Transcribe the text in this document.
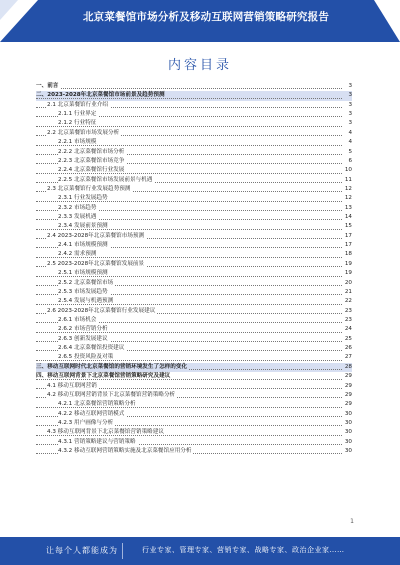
北京菜餐馆市场分析及移动互联网营销策略研究报告
内容目录
一、前言	3
二、2023-2028年北京菜餐馆市场前景及趋势预测	3
2.1 北京菜餐馆行业介绍	3
2.1.1 行业界定	3
2.1.2 行业特征	3
2.2 北京菜餐馆市场发展分析	4
2.2.1 市场规模	4
2.2.2 北京菜餐馆市场分析	5
2.2.3 北京菜餐馆市场竞争	6
2.2.4 北京菜餐馆行业发展	10
2.2.5 北京菜餐馆市场发展前景与机遇	11
2.3 北京菜餐馆行业发展趋势预测	12
2.3.1 行业发展趋势	12
2.3.2 市场趋势	13
2.3.3 发展机遇	14
2.3.4 发展前景预测	15
2.4 2023-2028年北京菜餐馆市场预测	17
2.4.1 市场规模预测	17
2.4.2 需求预测	18
2.5 2023-2028年北京菜餐馆发展前景	19
2.5.1 市场规模预测	19
2.5.2 北京菜餐馆市场	20
2.5.3 市场发展趋势	21
2.5.4 发展与机遇预测	22
2.6 2023-2028年北京菜餐馆行业发展建议	23
2.6.1 市场机会	23
2.6.2 市场营销分析	24
2.6.3 创新发展建议	25
2.6.4 北京菜餐馆投资建议	26
2.6.5 投资风险及对策	27
三、移动互联网时代北京菜餐馆的营销环境发生了怎样的变化	28
四、移动互联网背景下北京菜餐馆营销策略研究及建议	29
4.1 移动互联网营销	29
4.2 移动互联网营销背景下北京菜餐馆营销策略分析	29
4.2.1 北京菜餐馆营销策略分析	29
4.2.2 移动互联网营销模式	30
4.2.3 用户画像与分析	30
4.3 移动互联网背景下北京菜餐馆营销策略建议	30
4.3.1 营销策略建议与营销策略	30
4.3.2 移动互联网营销策略实施及北京菜餐馆应用分析	30
1
让每个人都能成为	行业专家、管理专家、营销专家、战略专家、政治企业家……
